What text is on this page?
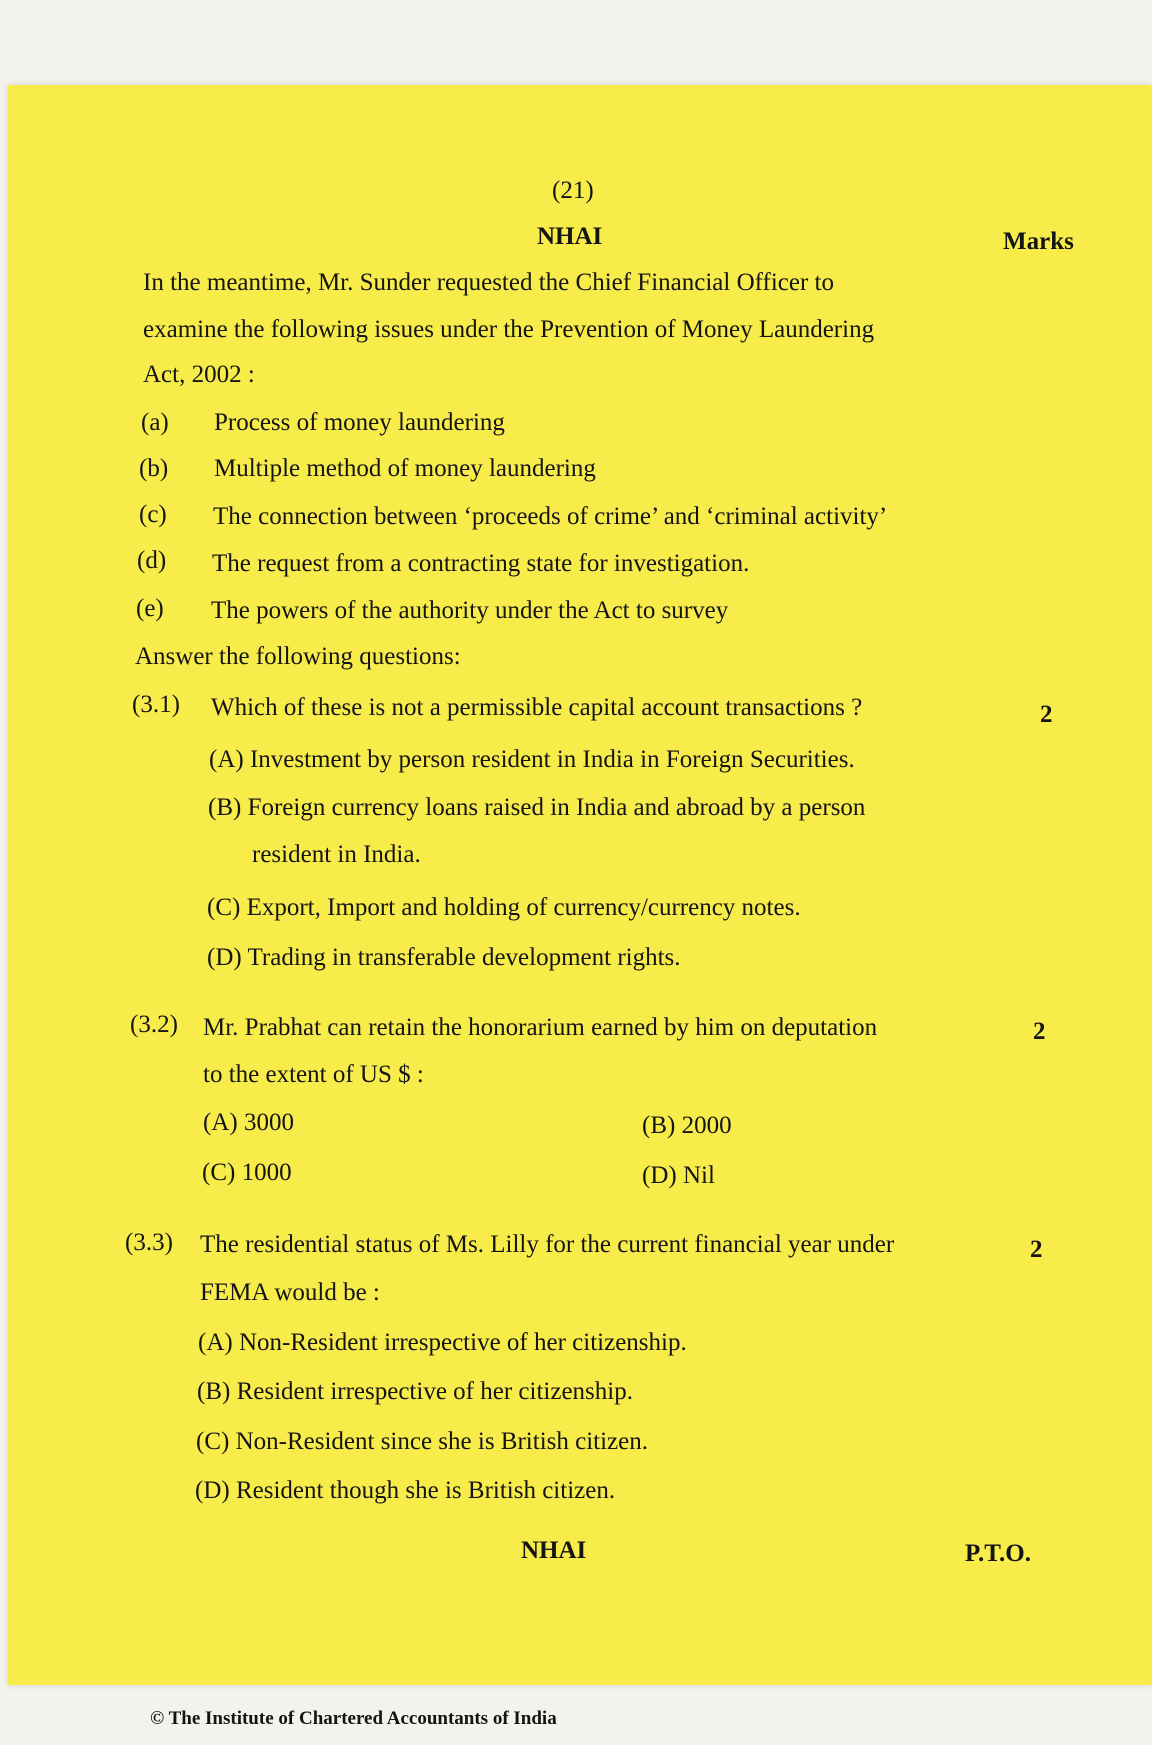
(21)
NHAI	Marks
In the meantime, Mr. Sunder requested the Chief Financial Officer to
examine the following issues under the Prevention of Money Laundering
Act, 2002 :
(a) Process of money laundering
(b) Multiple method of money laundering
(c) The connection between ‘proceeds of crime’ and ‘criminal activity’
(d) The request from a contracting state for investigation.
(e) The powers of the authority under the Act to survey
Answer the following questions:
(3.1) Which of these is not a permissible capital account transactions ?	2
(A) Investment by person resident in India in Foreign Securities.
(B) Foreign currency loans raised in India and abroad by a person
resident in India.
(C) Export, Import and holding of currency/currency notes.
(D) Trading in transferable development rights.
(3.2) Mr. Prabhat can retain the honorarium earned by him on deputation	2
to the extent of US $ :
(A) 3000	(B) 2000
(C) 1000	(D) Nil
(3.3) The residential status of Ms. Lilly for the current financial year under	2
FEMA would be :
(A) Non-Resident irrespective of her citizenship.
(B) Resident irrespective of her citizenship.
(C) Non-Resident since she is British citizen.
(D) Resident though she is British citizen.
NHAI	P.T.O.
© The Institute of Chartered Accountants of India
